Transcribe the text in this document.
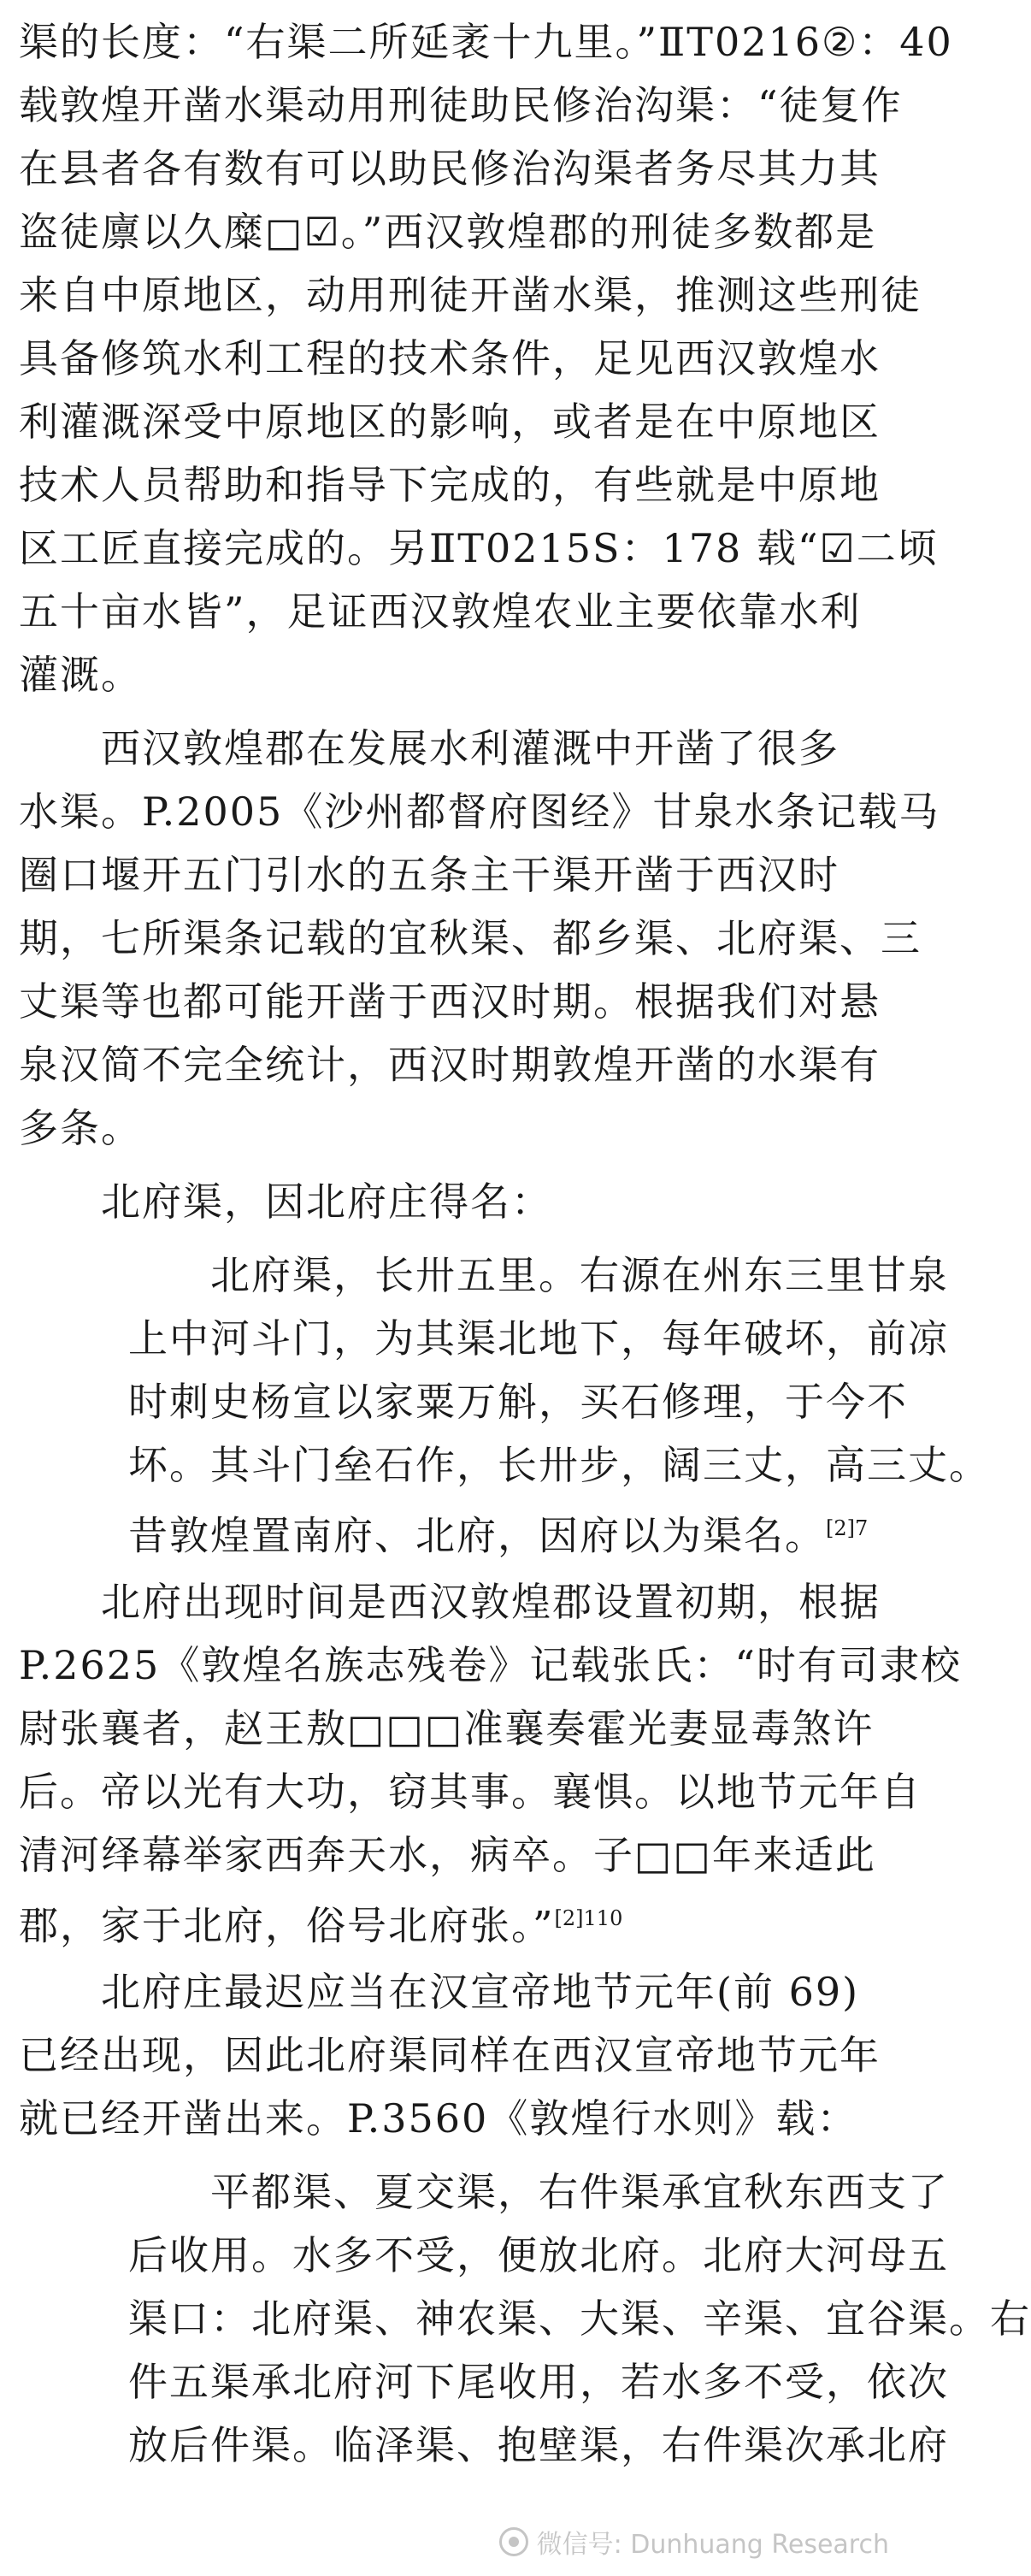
渠的长度：“右渠二所延袤十九里。”ⅡT0216②：40
载敦煌开凿水渠动用刑徒助民修治沟渠：“徒复作
在县者各有数有可以助民修治沟渠者务尽其力其
盗徒廪以久糜□☑。”西汉敦煌郡的刑徒多数都是
来自中原地区，动用刑徒开凿水渠，推测这些刑徒
具备修筑水利工程的技术条件，足见西汉敦煌水
利灌溉深受中原地区的影响，或者是在中原地区
技术人员帮助和指导下完成的，有些就是中原地
区工匠直接完成的。另ⅡT0215S：178 载“☑二顷
五十亩水皆”，足证西汉敦煌农业主要依靠水利
灌溉。
西汉敦煌郡在发展水利灌溉中开凿了很多
水渠。P.2005《沙州都督府图经》甘泉水条记载马
圈口堰开五门引水的五条主干渠开凿于西汉时
期，七所渠条记载的宜秋渠、都乡渠、北府渠、三
丈渠等也都可能开凿于西汉时期。根据我们对悬
泉汉简不完全统计，西汉时期敦煌开凿的水渠有
多条。
北府渠，因北府庄得名：
北府渠，长卅五里。右源在州东三里甘泉
上中河斗门，为其渠北地下，每年破坏，前凉
时刺史杨宣以家粟万斛，买石修理，于今不
坏。其斗门垒石作，长卅步，阔三丈，高三丈。
昔敦煌置南府、北府，因府以为渠名。$^{[2]7}$
北府出现时间是西汉敦煌郡设置初期，根据
P.2625《敦煌名族志残卷》记载张氏：“时有司隶校
尉张襄者，赵王敖□□□准襄奏霍光妻显毒煞许
后。帝以光有大功，窃其事。襄惧。以地节元年自
清河绎幕举家西奔天水，病卒。子□□年来适此
郡，家于北府，俗号北府张。”$^{[2]110}$
北府庄最迟应当在汉宣帝地节元年(前 69)
已经出现，因此北府渠同样在西汉宣帝地节元年
就已经开凿出来。P.3560《敦煌行水则》载：
平都渠、夏交渠，右件渠承宜秋东西支了
后收用。水多不受，便放北府。北府大河母五
渠口：北府渠、神农渠、大渠、辛渠、宜谷渠。右
件五渠承北府河下尾收用，若水多不受，依次
放后件渠。临泽渠、抱壁渠，右件渠次承北府
微信号: Dunhuang Research
